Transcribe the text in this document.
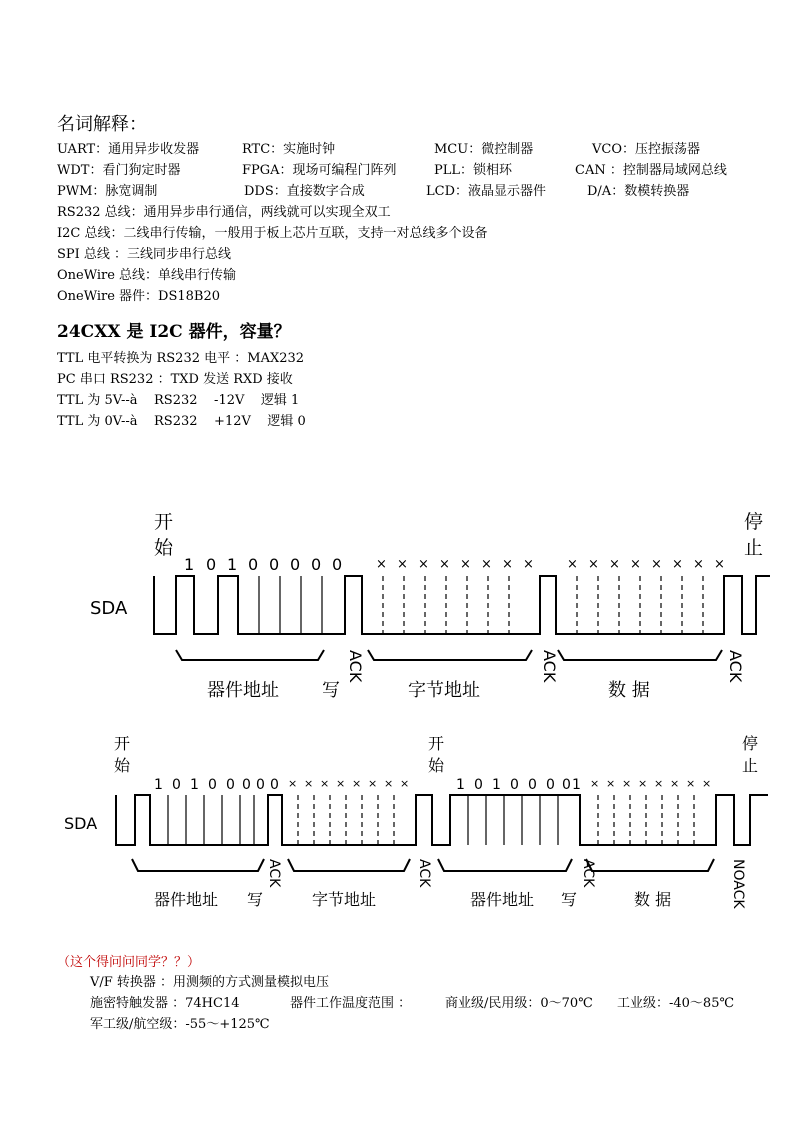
名词解释：
UART：通用异步收发器	RTC：实施时钟	MCU：微控制器	VCO：压控振荡器
WDT：看门狗定时器	FPGA：现场可编程门阵列	PLL：锁相环	CAN ：控制器局域网总线
PWM：脉宽调制	DDS：直接数字合成	LCD：液晶显示器件	D/A：数模转换器
RS232 总线：通用异步串行通信，两线就可以实现全双工
I2C 总线：二线串行传输，一般用于板上芯片互联，支持一对总线多个设备
SPI 总线 ：三线同步串行总线
OneWire 总线：单线串行传输
OneWire 器件：DS18B20
24CXX 是 I2C 器件，容量？
TTL 电平转换为 RS232 电平 ：MAX232
PC 串口 RS232 ：TXD 发送 RXD 接收
TTL 为 5V--à    RS232    -12V    逻辑 1
TTL 为 0V--à    RS232    +12V    逻辑 0
开始
停止
SDA
1 0 1 0 0 0 0 0	× × × × × × × ×	× × × × × × × ×
器件地址 写
ACK
字节地址
ACK
数 据
ACK
开始
开始
停止
SDA
1 0 1 0 0 0 0 0	1 0 1 0 0 0 0 1
× × × × × × × ×	× × × × × × × ×
器件地址 写
ACK
字节地址
ACK
器件地址 写
ACK
数 据	NOACK
（这个得问问同学？？）
V/F 转换器 ：用测频的方式测量模拟电压
施密特触发器 ：74HC14	器件工作温度范围 ：	商业级/民用级：0～70℃ 工业级：-40～85℃
军工级/航空级：-55～+125℃
